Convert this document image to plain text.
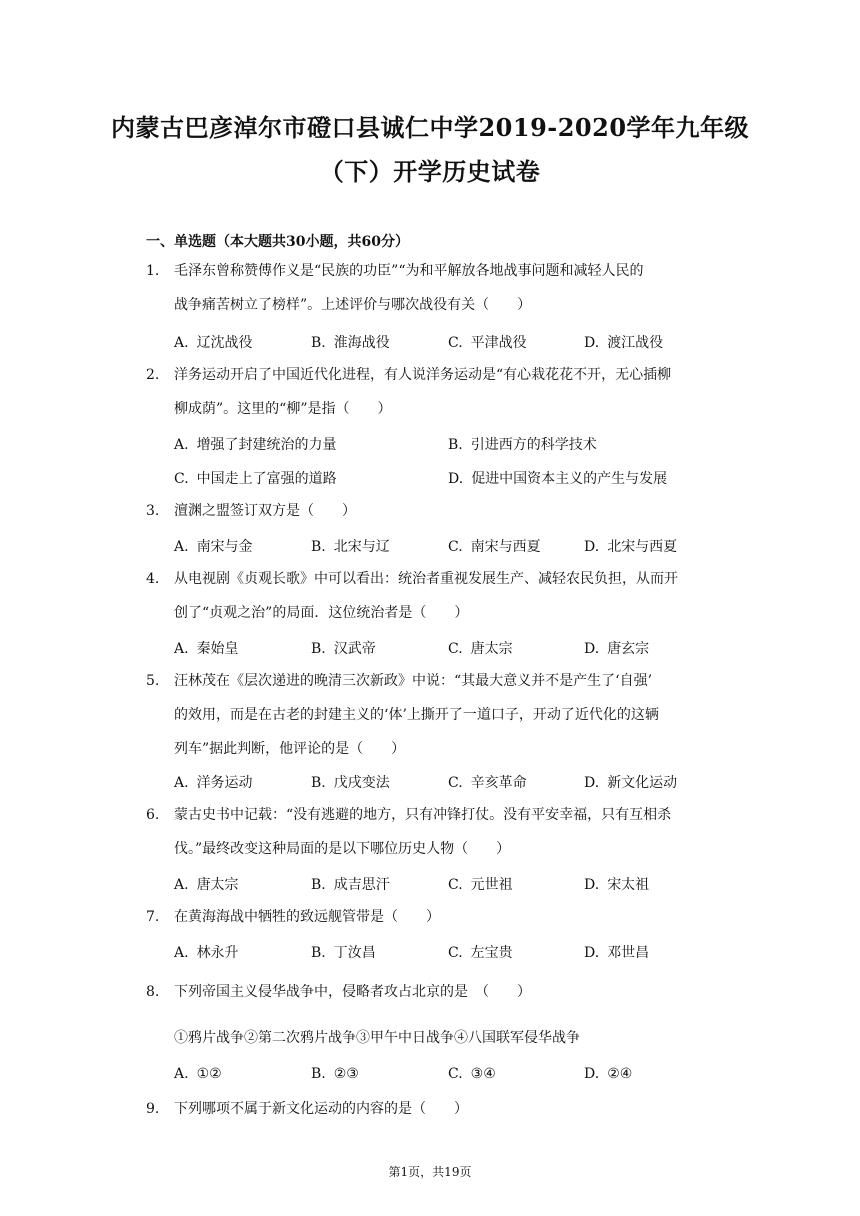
内蒙古巴彦淖尔市磴口县诚仁中学2019-2020学年九年级
（下）开学历史试卷
一、单选题（本大题共30小题，共60分）
1.	毛泽东曾称赞傅作义是“民族的功臣”“为和平解放各地战事问题和减轻人民的
战争痛苦树立了榜样”。上述评价与哪次战役有关（　　）
A. 辽沈战役	B. 淮海战役	C. 平津战役	D. 渡江战役
2.	洋务运动开启了中国近代化进程，有人说洋务运动是“有心栽花花不开，无心插柳
柳成荫”。这里的“柳”是指（　　）
A. 增强了封建统治的力量	B. 引进西方的科学技术
C. 中国走上了富强的道路	D. 促进中国资本主义的产生与发展
3.	澶渊之盟签订双方是（　　）
A. 南宋与金	B. 北宋与辽	C. 南宋与西夏	D. 北宋与西夏
4.	从电视剧《贞观长歌》中可以看出：统治者重视发展生产、减轻农民负担，从而开
创了“贞观之治”的局面．这位统治者是（　　）
A. 秦始皇	B. 汉武帝	C. 唐太宗	D. 唐玄宗
5.	汪林茂在《层次递进的晚清三次新政》中说：“其最大意义并不是产生了‘自强’
的效用，而是在古老的封建主义的‘体’上撕开了一道口子，开动了近代化的这辆
列车”据此判断，他评论的是（　　）
A. 洋务运动	B. 戊戌变法	C. 辛亥革命	D. 新文化运动
6.	蒙古史书中记载：“没有逃避的地方，只有冲锋打仗。没有平安幸福，只有互相杀
伐。”最终改变这种局面的是以下哪位历史人物（　　）
A. 唐太宗	B. 成吉思汗	C. 元世祖	D. 宋太祖
7.	在黄海海战中牺牲的致远舰管带是（　　）
A. 林永升	B. 丁汝昌	C. 左宝贵	D. 邓世昌
8.	下列帝国主义侵华战争中，侵略者攻占北京的是　（　　）
①鸦片战争②第二次鸦片战争③甲午中日战争④八国联军侵华战争
A. ①②	B. ②③	C. ③④	D. ②④
9.	下列哪项不属于新文化运动的内容的是（　　）
第1页，共19页
